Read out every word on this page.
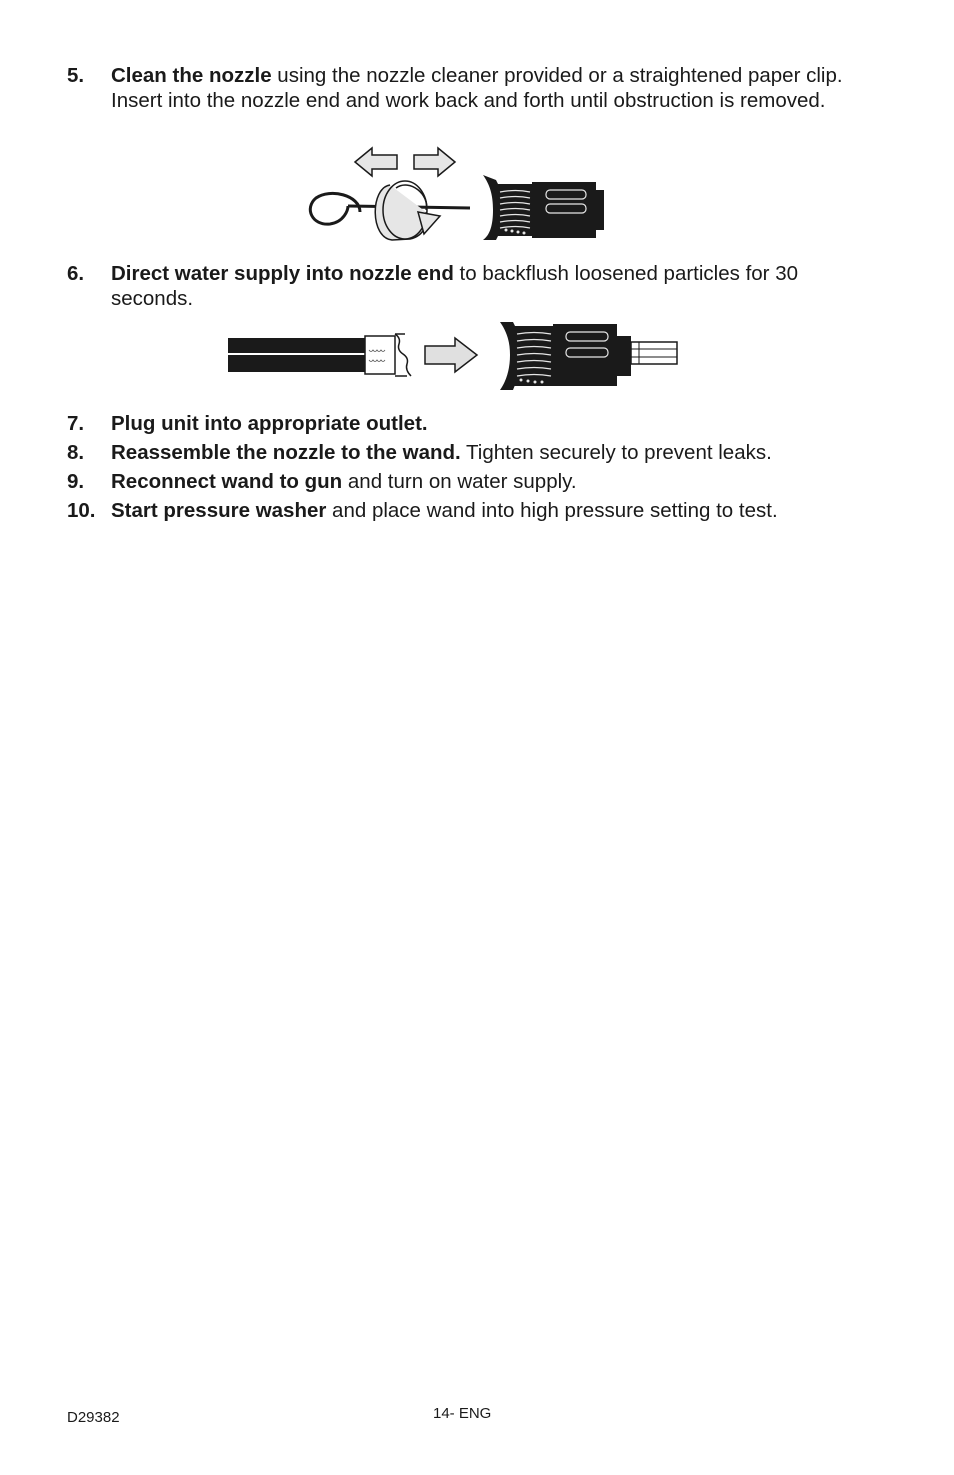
5. Clean the nozzle using the nozzle cleaner provided or a straightened paper clip. Insert into the nozzle end and work back and forth until obstruction is removed.
6. Direct water supply into nozzle end to backflush loosened particles for 30 seconds.
7. Plug unit into appropriate outlet.
8. Reassemble the nozzle to the wand. Tighten securely to prevent leaks.
9. Reconnect wand to gun and turn on water supply.
10. Start pressure washer and place wand into high pressure setting to test.
D29382	14- ENG
